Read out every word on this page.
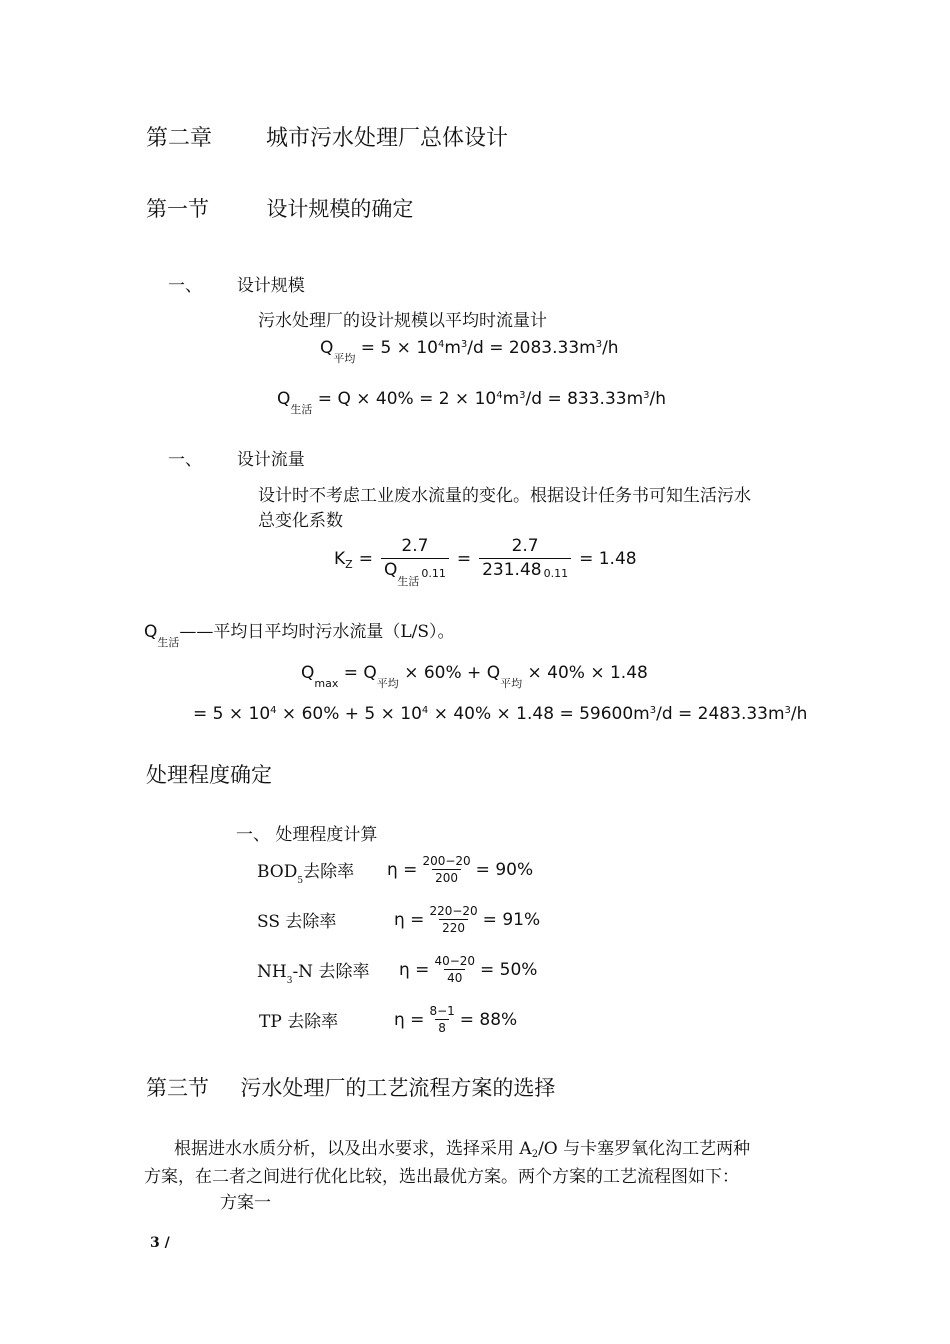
第二章 城市污水处理厂总体设计
第一节	设计规模的确定
一、 设计规模
污水处理厂的设计规模以平均时流量计
$Q_{平均} = 5 \times 10^4m^3/d = 2083.33m^3/h$
$Q_{生活} = Q \times 40\% = 2 \times 10^4m^3/d = 833.33m^3/h$
一、 设计流量
设计时不考虑工业废水流量的变化。根据设计任务书可知生活污水
总变化系数
K $Z = \frac{2.7}{Q_{生活}0.11} = \frac{2.7}{231.48 0.11} = 1.48$
$Q_{生活}——$平均日平均时污水流量（L/S）。
$Q_{max} = Q_{平均} \times 60\% + Q_{平均} \times 40\% \times 1.48$
= $5 \times 10^4 \times 60\% + 5 \times 10^4 \times 40\% \times 1.48 = 59600m^3/d = 2483.33m^3/h$
处理程度确定
一、 处理程度计算
$BOD_5$去除率	$\eta = \frac{200-20}{200} = 90\%$
SS 去除率	$\eta = \frac{220-20}{220} = 91\%$
$NH_3-N$ 去除率	$\eta = \frac{40-20}{40} = 50\%$
TP 去除率	$\eta = \frac{8-1}{8} = 88\%$
第三节 污水处理厂的工艺流程方案的选择
根据进水水质分析，以及出水要求，选择采用 A2/O 与卡塞罗氧化沟工艺两种
方案，在二者之间进行优化比较，选出最优方案。两个方案的工艺流程图如下：
方案一
3 /
